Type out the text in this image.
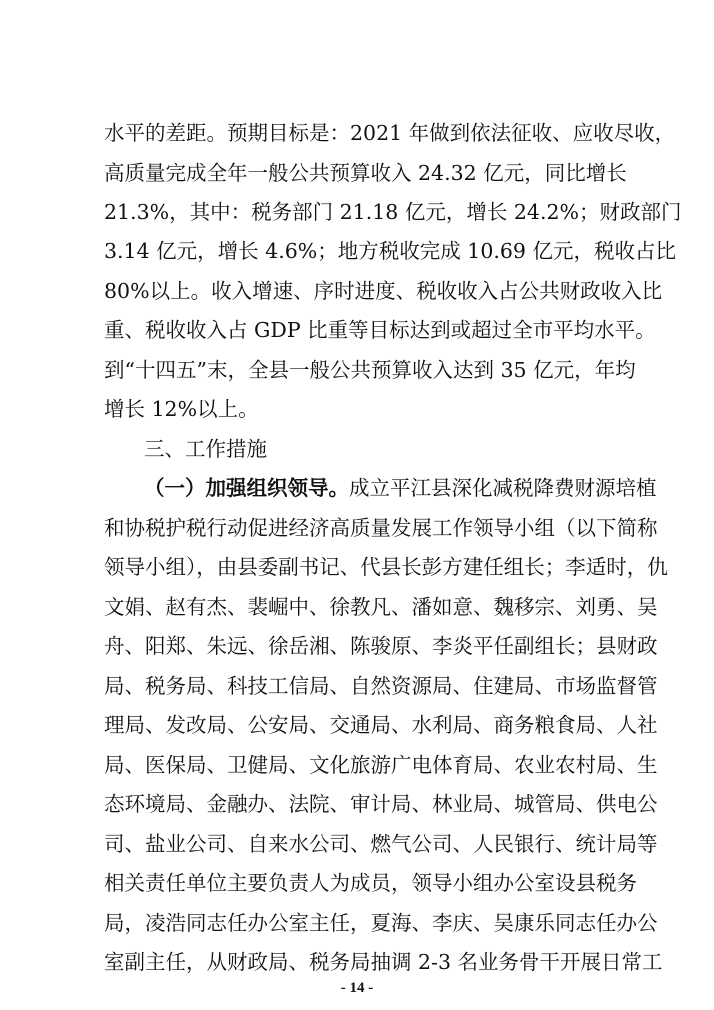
水平的差距。预期目标是：2021 年做到依法征收、应收尽收，
高质量完成全年一般公共预算收入 24.32 亿元，同比增长
21.3%，其中：税务部门 21.18 亿元，增长 24.2%；财政部门
3.14 亿元，增长 4.6%；地方税收完成 10.69 亿元，税收占比
80%以上。收入增速、序时进度、税收收入占公共财政收入比
重、税收收入占 GDP 比重等目标达到或超过全市平均水平。
到“十四五”末，全县一般公共预算收入达到 35 亿元，年均
增长 12%以上。
三、工作措施
（一）加强组织领导。成立平江县深化减税降费财源培植
和协税护税行动促进经济高质量发展工作领导小组（以下简称
领导小组），由县委副书记、代县长彭方建任组长；李适时，仇
文娟、赵有杰、裴崛中、徐教凡、潘如意、魏移宗、刘勇、吴
舟、阳郑、朱远、徐岳湘、陈骏原、李炎平任副组长；县财政
局、税务局、科技工信局、自然资源局、住建局、市场监督管
理局、发改局、公安局、交通局、水利局、商务粮食局、人社
局、医保局、卫健局、文化旅游广电体育局、农业农村局、生
态环境局、金融办、法院、审计局、林业局、城管局、供电公
司、盐业公司、自来水公司、燃气公司、人民银行、统计局等
相关责任单位主要负责人为成员，领导小组办公室设县税务
局，凌浩同志任办公室主任，夏海、李庆、吴康乐同志任办公
室副主任，从财政局、税务局抽调 2-3 名业务骨干开展日常工
- 14 -
